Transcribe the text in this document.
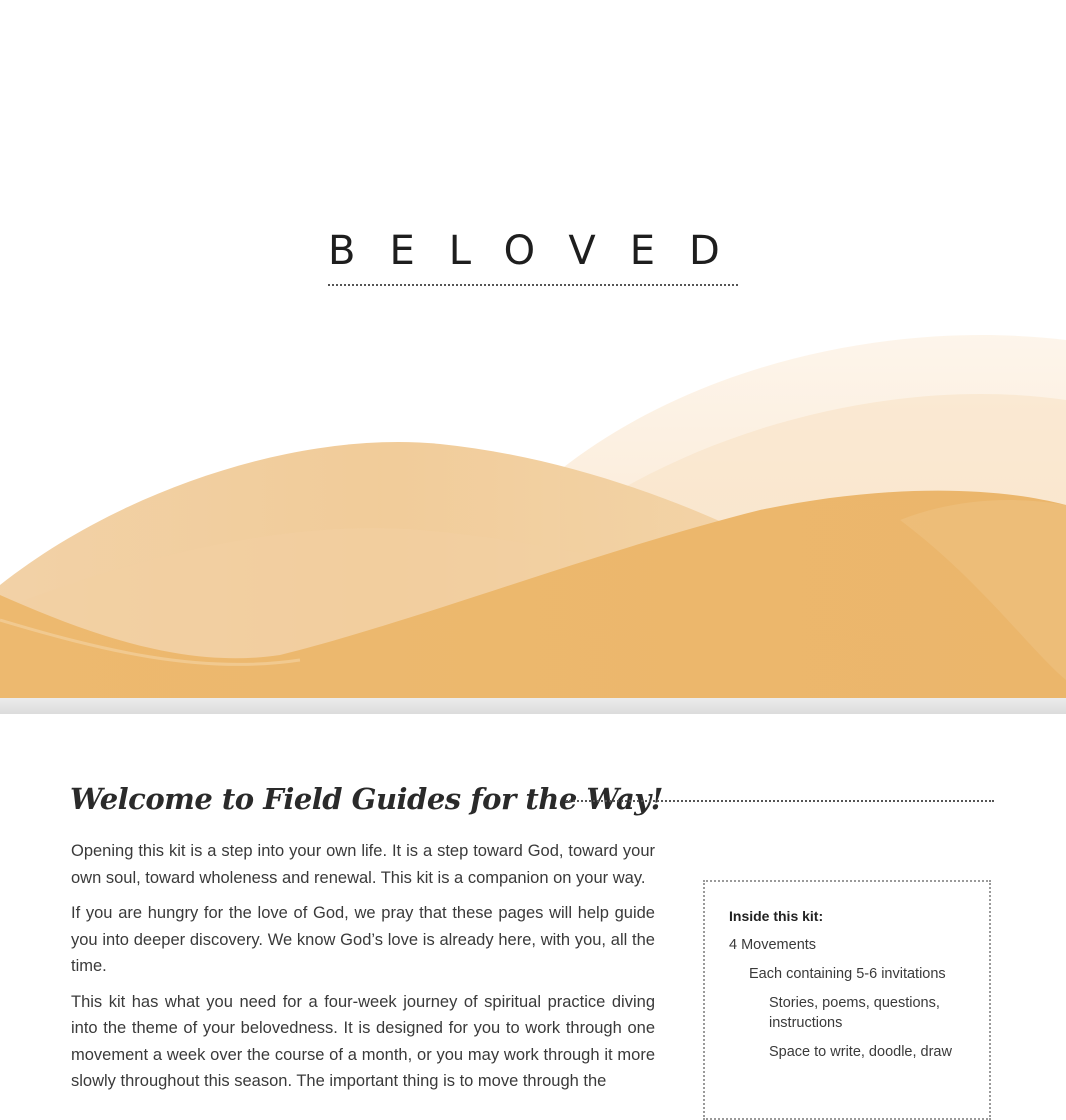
BELOVED
Welcome to Field Guides for the Way!

Opening this kit is a step into your own life. It is a step toward God, toward your own soul, toward wholeness and renewal. This kit is a companion on your way.

If you are hungry for the love of God, we pray that these pages will help guide you into deeper discovery. We know God’s love is already here, with you, all the time.

This kit has what you need for a four-week journey of spiritual practice diving into the theme of your belovedness. It is designed for you to work through one movement a week over the course of a month, or you may work through it more slowly throughout this season. The important thing is to move through the

Inside this kit:
4 Movements
Each containing 5-6 invitations
Stories, poems, questions, instructions
Space to write, doodle, draw
